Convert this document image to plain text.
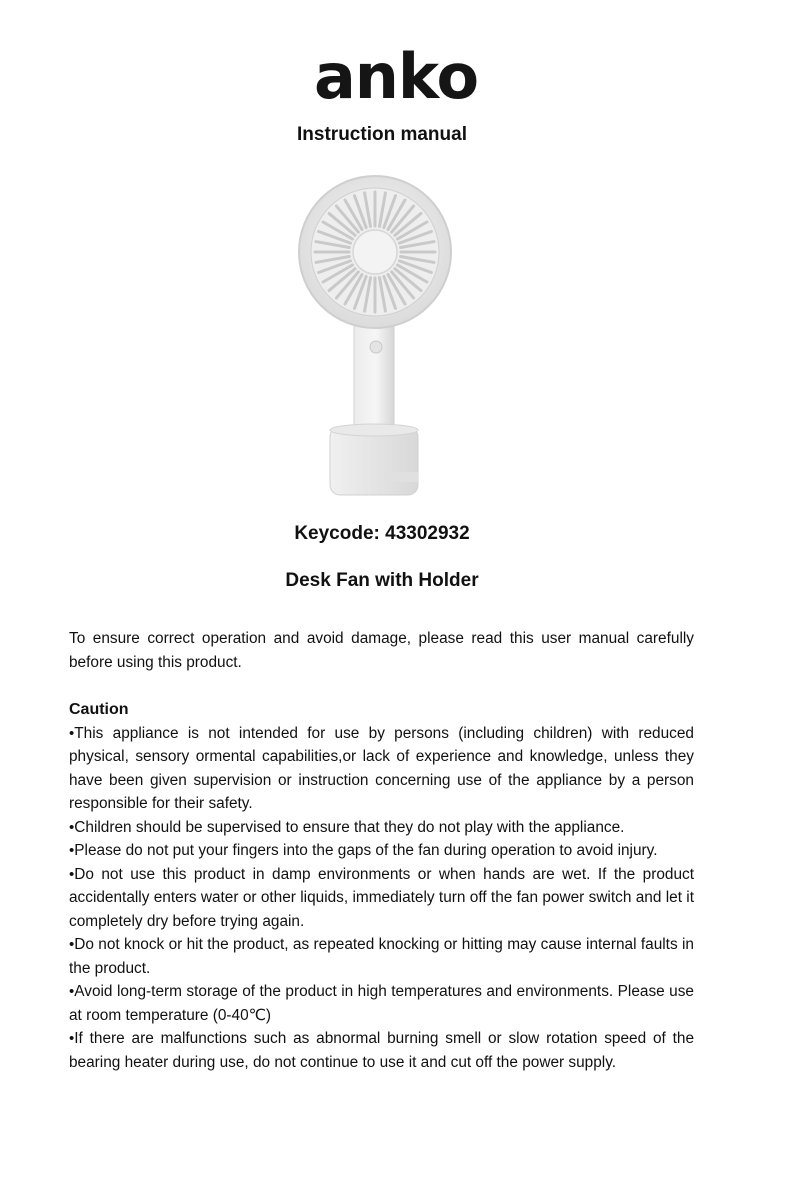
anko
Instruction manual
Keycode: 43302932
Desk Fan with Holder

To ensure correct operation and avoid damage, please read this user manual carefully before using this product.

Caution

•This appliance is not intended for use by persons (including children) with reduced physical, sensory ormental capabilities,or lack of experience and knowledge, unless they have been given supervision or instruction concerning use of the appliance by a person responsible for their safety.
•Children should be supervised to ensure that they do not play with the appliance.
•Please do not put your fingers into the gaps of the fan during operation to avoid injury.
•Do not use this product in damp environments or when hands are wet. If the product accidentally enters water or other liquids, immediately turn off the fan power switch and let it completely dry before trying again.
•Do not knock or hit the product, as repeated knocking or hitting may cause internal faults in the product.
•Avoid long-term storage of the product in high temperatures and environments. Please use at room temperature (0-40℃)
•If there are malfunctions such as abnormal burning smell or slow rotation speed of the bearing heater during use, do not continue to use it and cut off the power supply.
